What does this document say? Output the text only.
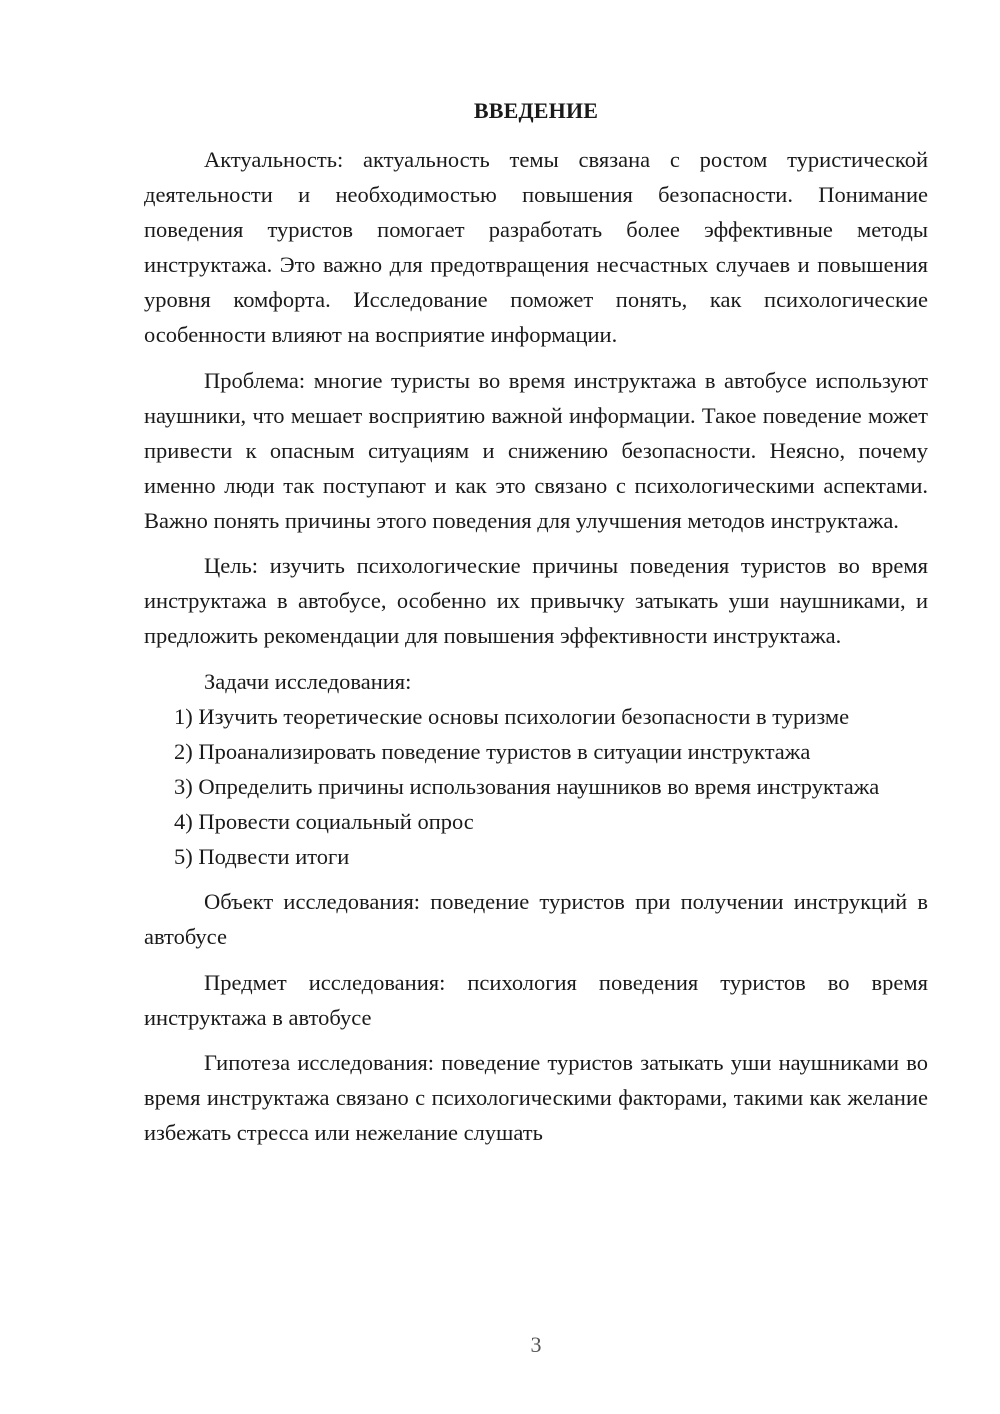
ВВЕДЕНИЕ

Актуальность: актуальность темы связана с ростом туристической деятельности и необходимостью повышения безопасности. Понимание поведения туристов помогает разработать более эффективные методы инструктажа. Это важно для предотвращения несчастных случаев и повышения уровня комфорта. Исследование поможет понять, как психологические особенности влияют на восприятие информации.

Проблема: многие туристы во время инструктажа в автобусе используют наушники, что мешает восприятию важной информации. Такое поведение может привести к опасным ситуациям и снижению безопасности. Неясно, почему именно люди так поступают и как это связано с психологическими аспектами. Важно понять причины этого поведения для улучшения методов инструктажа.

Цель: изучить психологические причины поведения туристов во время инструктажа в автобусе, особенно их привычку затыкать уши наушниками, и предложить рекомендации для повышения эффективности инструктажа.

Задачи исследования:

1) Изучить теоретические основы психологии безопасности в туризме

2) Проанализировать поведение туристов в ситуации инструктажа

3) Определить причины использования наушников во время инструктажа

4) Провести социальный опрос

5) Подвести итоги

Объект исследования: поведение туристов при получении инструкций в автобусе

Предмет исследования: психология поведения туристов во время инструктажа в автобусе

Гипотеза исследования: поведение туристов затыкать уши наушниками во время инструктажа связано с психологическими факторами, такими как желание избежать стресса или нежелание слушать

3
